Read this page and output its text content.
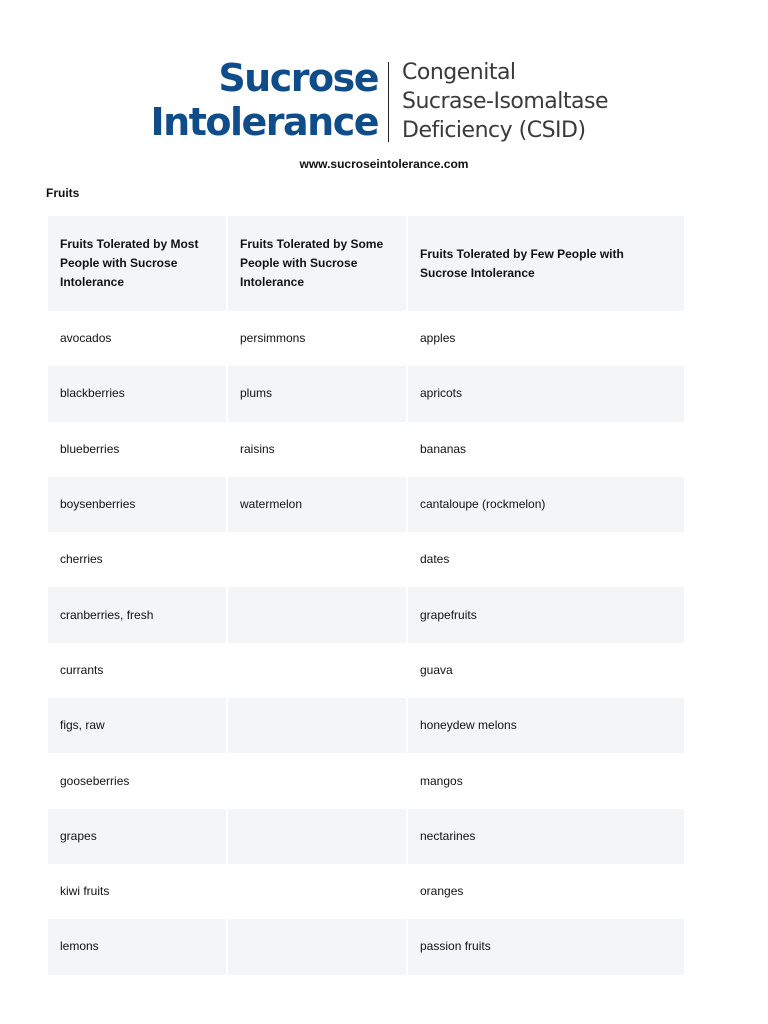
Sucrose
Intolerance
Congenital
Sucrase-Isomaltase
Deficiency (CSID)
www.sucroseintolerance.com
Fruits
Fruits Tolerated by Most People with Sucrose Intolerance	Fruits Tolerated by Some People with Sucrose Intolerance	Fruits Tolerated by Few People with Sucrose Intolerance
avocados	persimmons	apples
blackberries	plums	apricots
blueberries	raisins	bananas
boysenberries	watermelon	cantaloupe (rockmelon)
cherries		dates
cranberries, fresh		grapefruits
currants		guava
figs, raw		honeydew melons
gooseberries		mangos
grapes		nectarines
kiwi fruits		oranges
lemons		passion fruits
